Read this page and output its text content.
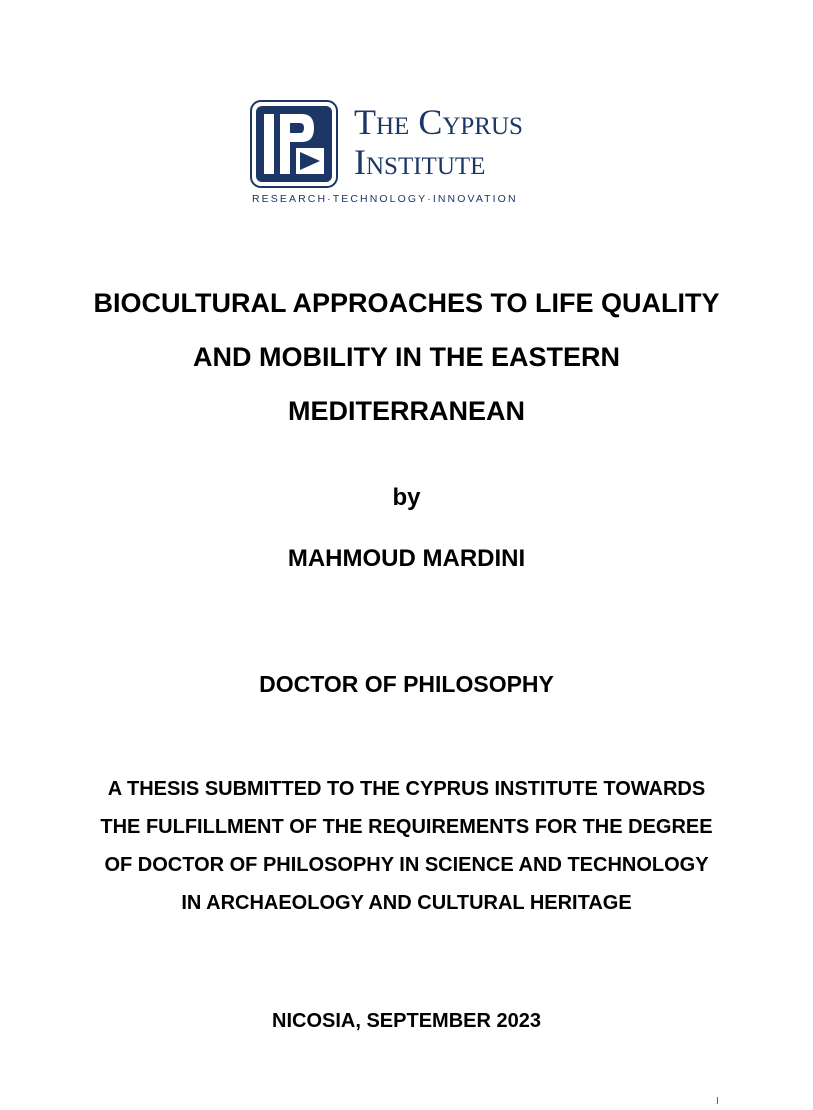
The Cyprus
Institute
RESEARCH·TECHNOLOGY·INNOVATION
BIOCULTURAL APPROACHES TO LIFE QUALITY AND MOBILITY IN THE EASTERN MEDITERRANEAN
by
MAHMOUD MARDINI
DOCTOR OF PHILOSOPHY
A THESIS SUBMITTED TO THE CYPRUS INSTITUTE TOWARDS THE FULFILLMENT OF THE REQUIREMENTS FOR THE DEGREE OF DOCTOR OF PHILOSOPHY IN SCIENCE AND TECHNOLOGY IN ARCHAEOLOGY AND CULTURAL HERITAGE
NICOSIA, SEPTEMBER 2023
I
